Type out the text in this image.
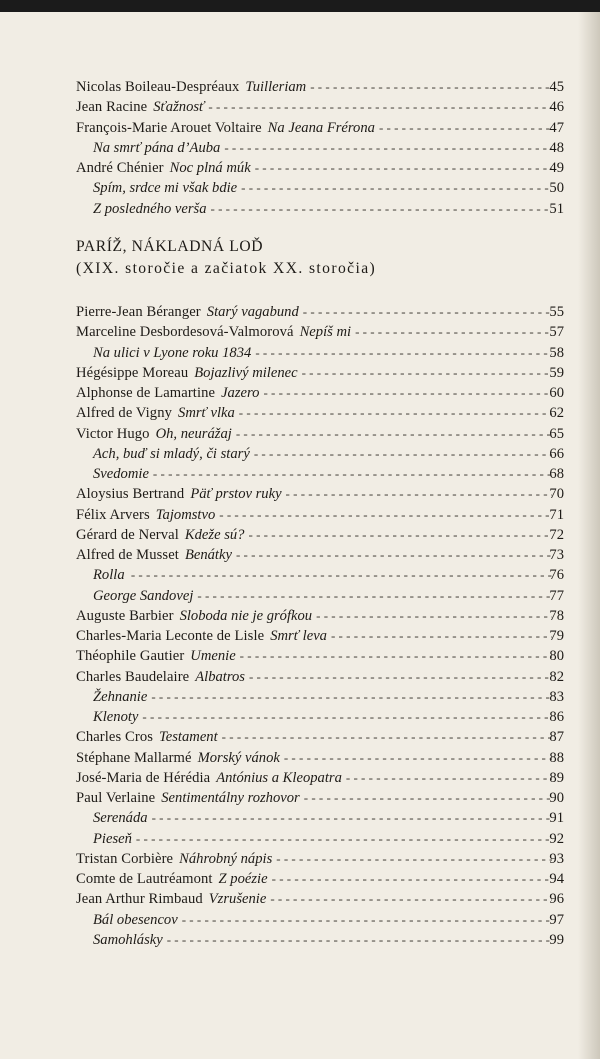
Nicolas Boileau-Despréaux Tuilleriam - - -	45
Jean Racine Sťažnosť - - -	46
François-Marie Arouet Voltaire Na Jeana Frérona - - -	47
Na smrť pána d’Auba - - -	48
André Chénier Noc plná múk - - -	49
Spím, srdce mi však bdie - - -	50
Z posledného verša - - -	51
PARÍŽ, NÁKLADNÁ LOĎ
(XIX. storočie a začiatok XX. storočia)
Pierre-Jean Béranger Starý vagabund - - -	55
Marceline Desbordesová-Valmorová Nepíš mi - - -	57
Na ulici v Lyone roku 1834 - - -	58
Hégésippe Moreau Bojazlivý milenec - - -	59
Alphonse de Lamartine Jazero - - -	60
Alfred de Vigny Smrť vlka - - -	62
Victor Hugo Oh, neurážaj - - -	65
Ach, buď si mladý, či starý - - -	66
Svedomie - - -	68
Aloysius Bertrand Päť prstov ruky - - -	70
Félix Arvers Tajomstvo - - -	71
Gérard de Nerval Kdeže sú? - - -	72
Alfred de Musset Benátky - - -	73
Rolla - - -	76
George Sandovej - - -	77
Auguste Barbier Sloboda nie je grófkou - - -	78
Charles-Maria Leconte de Lisle Smrť leva - - -	79
Théophile Gautier Umenie - - -	80
Charles Baudelaire Albatros - - -	82
Žehnanie - - -	83
Klenoty - - -	86
Charles Cros Testament - - -	87
Stéphane Mallarmé Morský vánok - - -	88
José-Maria de Hérédia Antónius a Kleopatra - - -	89
Paul Verlaine Sentimentálny rozhovor - - -	90
Serenáda - - -	91
Pieseň - - -	92
Tristan Corbière Náhrobný nápis - - -	93
Comte de Lautréamont Z poézie - - -	94
Jean Arthur Rimbaud Vzrušenie - - -	96
Bál obesencov - - -	97
Samohlásky - - -	99
